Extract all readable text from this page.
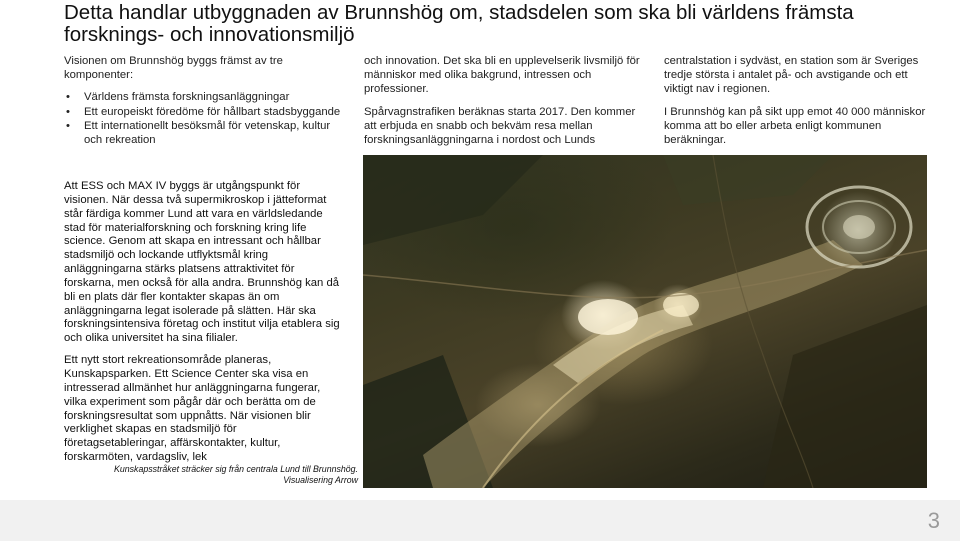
Detta handlar utbyggnaden av Brunnshög om, stadsdelen som ska bli världens främsta forsknings- och innovationsmiljö

Visionen om Brunnshög byggs främst av tre komponenter:

• Världens främsta forskningsanläggningar
• Ett europeiskt föredöme för hållbart stadsbyggande
• Ett internationellt besöksmål för vetenskap, kultur och rekreation

och innovation. Det ska bli en upplevelserik livsmiljö för människor med olika bakgrund, intressen och professioner.

Spårvagnstrafiken beräknas starta 2017. Den kommer att erbjuda en snabb och bekväm resa mellan forskningsanläggningarna i nordost och Lunds

centralstation i sydväst, en station som är Sveriges tredje största i antalet på- och avstigande och ett viktigt nav i regionen.

I Brunnshög kan på sikt upp emot 40 000 människor komma att bo eller arbeta enligt kommunen beräkningar.

Att ESS och MAX IV byggs är utgångspunkt för visionen. När dessa två supermikroskop i jätteformat står färdiga kommer Lund att vara en världsledande stad för materialforskning och forskning kring life science. Genom att skapa en intressant och hållbar stadsmiljö och lockande utflyktsmål kring anläggningarna stärks platsens attraktivitet för forskarna, men också för alla andra. Brunnshög kan då bli en plats där fler kontakter skapas än om anläggningarna legat isolerade på slätten. Här ska forskningsintensiva företag och institut vilja etablera sig och olika universitet ha sina filialer.

Ett nytt stort rekreationsområde planeras, Kunskapsparken. Ett Science Center ska visa en intresserad allmänhet hur anläggningarna fungerar, vilka experiment som pågår där och berätta om de forskningsresultat som uppnåtts. När visionen blir verklighet skapas en stadsmiljö för företagsetableringar, affärskontakter, kultur, forskarmöten, vardagsliv, lek

Kunskapsstråket sträcker sig från centrala Lund till Brunnshög.
Visualisering Arrow
3
